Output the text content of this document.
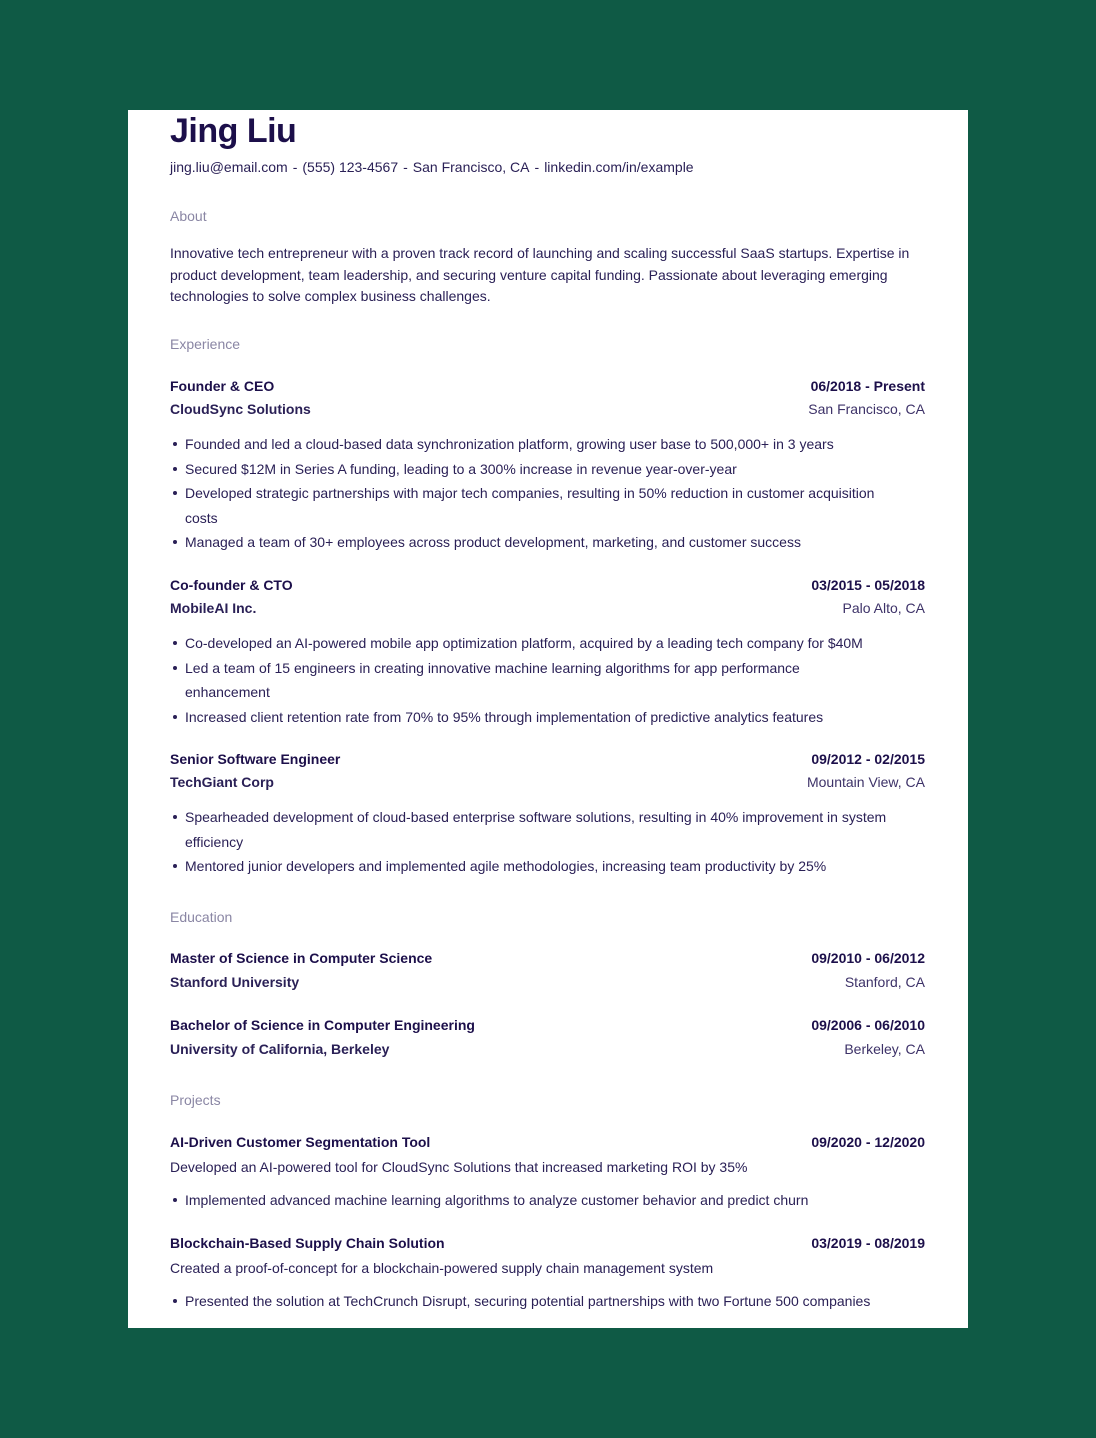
Jing Liu
jing.liu@email.com - (555) 123-4567 - San Francisco, CA - linkedin.com/in/example
About
Innovative tech entrepreneur with a proven track record of launching and scaling successful SaaS startups. Expertise in product development, team leadership, and securing venture capital funding. Passionate about leveraging emerging technologies to solve complex business challenges.
Experience
Founder & CEO	06/2018 - Present
CloudSync Solutions	San Francisco, CA
Founded and led a cloud-based data synchronization platform, growing user base to 500,000+ in 3 years
Secured $12M in Series A funding, leading to a 300% increase in revenue year-over-year
Developed strategic partnerships with major tech companies, resulting in 50% reduction in customer acquisition costs
Managed a team of 30+ employees across product development, marketing, and customer success
Co-founder & CTO	03/2015 - 05/2018
MobileAI Inc.	Palo Alto, CA
Co-developed an AI-powered mobile app optimization platform, acquired by a leading tech company for $40M
Led a team of 15 engineers in creating innovative machine learning algorithms for app performance enhancement
Increased client retention rate from 70% to 95% through implementation of predictive analytics features
Senior Software Engineer	09/2012 - 02/2015
TechGiant Corp	Mountain View, CA
Spearheaded development of cloud-based enterprise software solutions, resulting in 40% improvement in system efficiency
Mentored junior developers and implemented agile methodologies, increasing team productivity by 25%
Education
Master of Science in Computer Science	09/2010 - 06/2012
Stanford University	Stanford, CA
Bachelor of Science in Computer Engineering	09/2006 - 06/2010
University of California, Berkeley	Berkeley, CA
Projects
AI-Driven Customer Segmentation Tool	09/2020 - 12/2020
Developed an AI-powered tool for CloudSync Solutions that increased marketing ROI by 35%
Implemented advanced machine learning algorithms to analyze customer behavior and predict churn
Blockchain-Based Supply Chain Solution	03/2019 - 08/2019
Created a proof-of-concept for a blockchain-powered supply chain management system
Presented the solution at TechCrunch Disrupt, securing potential partnerships with two Fortune 500 companies
